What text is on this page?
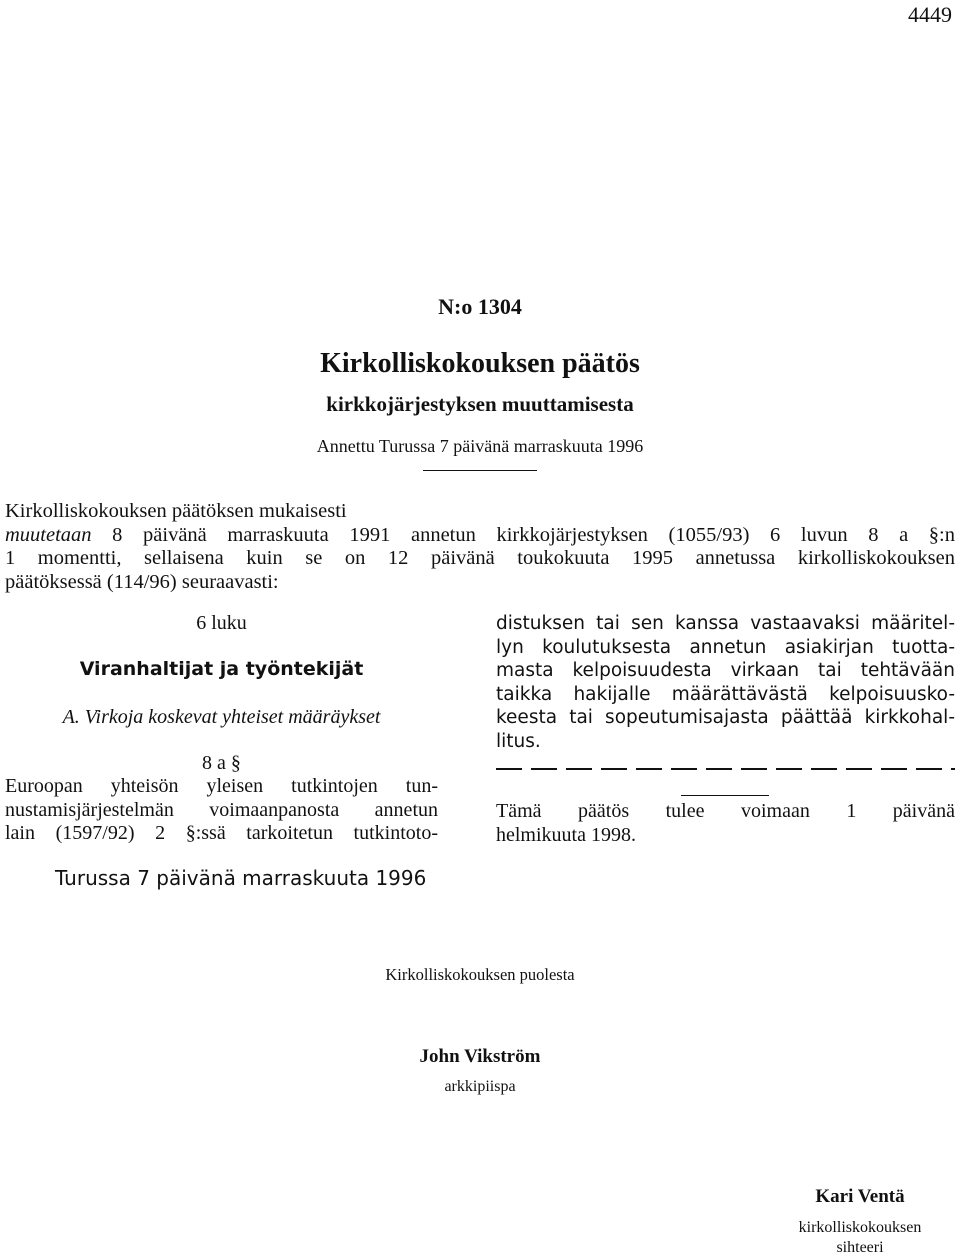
4449
N:o 1304
Kirkolliskokouksen päätös
kirkkojärjestyksen muuttamisesta
Annettu Turussa 7 päivänä marraskuuta 1996
Kirkolliskokouksen päätöksen mukaisesti
muutetaan 8 päivänä marraskuuta 1991 annetun kirkkojärjestyksen (1055/93) 6 luvun 8 a §:n
1 momentti, sellaisena kuin se on 12 päivänä toukokuuta 1995 annetussa kirkolliskokouksen
päätöksessä (114/96) seuraavasti:
6 luku
Viranhaltijat ja työntekijät
A. Virkoja koskevat yhteiset määräykset
8 a §
Euroopan yhteisön yleisen tutkintojen tun-
nustamisjärjestelmän voimaanpanosta annetun
lain (1597/92) 2 §:ssä tarkoitetun tutkintoto-
distuksen tai sen kanssa vastaavaksi määritel-
lyn koulutuksesta annetun asiakirjan tuotta-
masta kelpoisuudesta virkaan tai tehtävään
taikka hakijalle määrättävästä kelpoisuusko-
keesta tai sopeutumisajasta päättää kirkkohal-
litus.
Tämä päätös tulee voimaan 1 päivänä
helmikuuta 1998.
Turussa 7 päivänä marraskuuta 1996
Kirkolliskokouksen puolesta
John Vikström
arkkipiispa
Kari Ventä
kirkolliskokouksen
sihteeri
